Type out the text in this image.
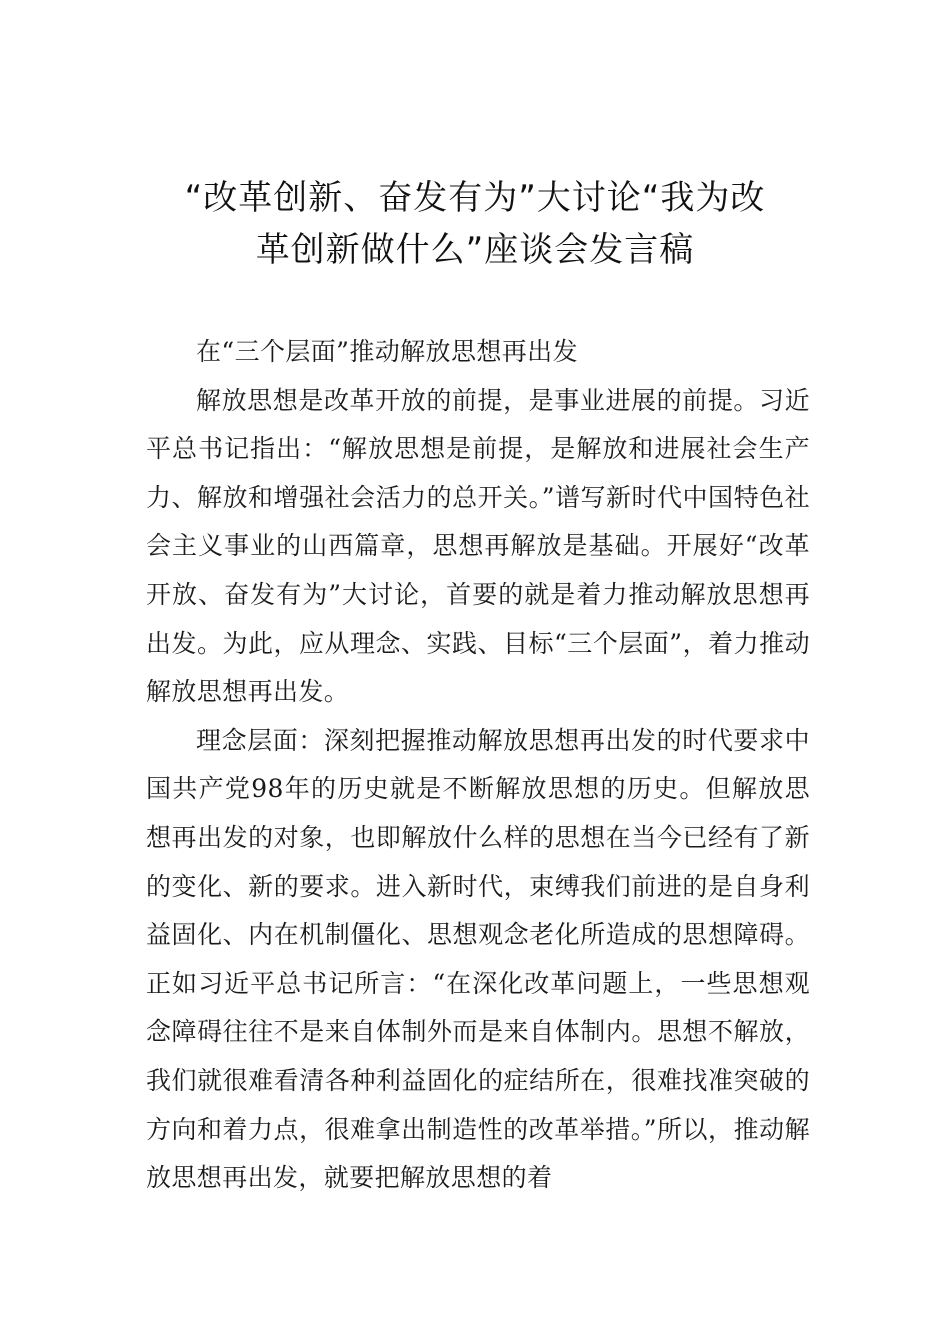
“改革创新、奋发有为”大讨论“我为改
革创新做什么”座谈会发言稿

在“三个层面”推动解放思想再出发

解放思想是改革开放的前提，是事业进展的前提。习近平总书记指出：“解放思想是前提，是解放和进展社会生产力、解放和增强社会活力的总开关。”谱写新时代中国特色社会主义事业的山西篇章，思想再解放是基础。开展好“改革开放、奋发有为”大讨论，首要的就是着力推动解放思想再出发。为此，应从理念、实践、目标“三个层面”，着力推动解放思想再出发。

理念层面：深刻把握推动解放思想再出发的时代要求中国共产党98年的历史就是不断解放思想的历史。但解放思想再出发的对象，也即解放什么样的思想在当今已经有了新的变化、新的要求。进入新时代，束缚我们前进的是自身利益固化、内在机制僵化、思想观念老化所造成的思想障碍。正如习近平总书记所言：“在深化改革问题上，一些思想观念障碍往往不是来自体制外而是来自体制内。思想不解放，我们就很难看清各种利益固化的症结所在，很难找准突破的方向和着力点，很难拿出制造性的改革举措。”所以，推动解放思想再出发，就要把解放思想的着
